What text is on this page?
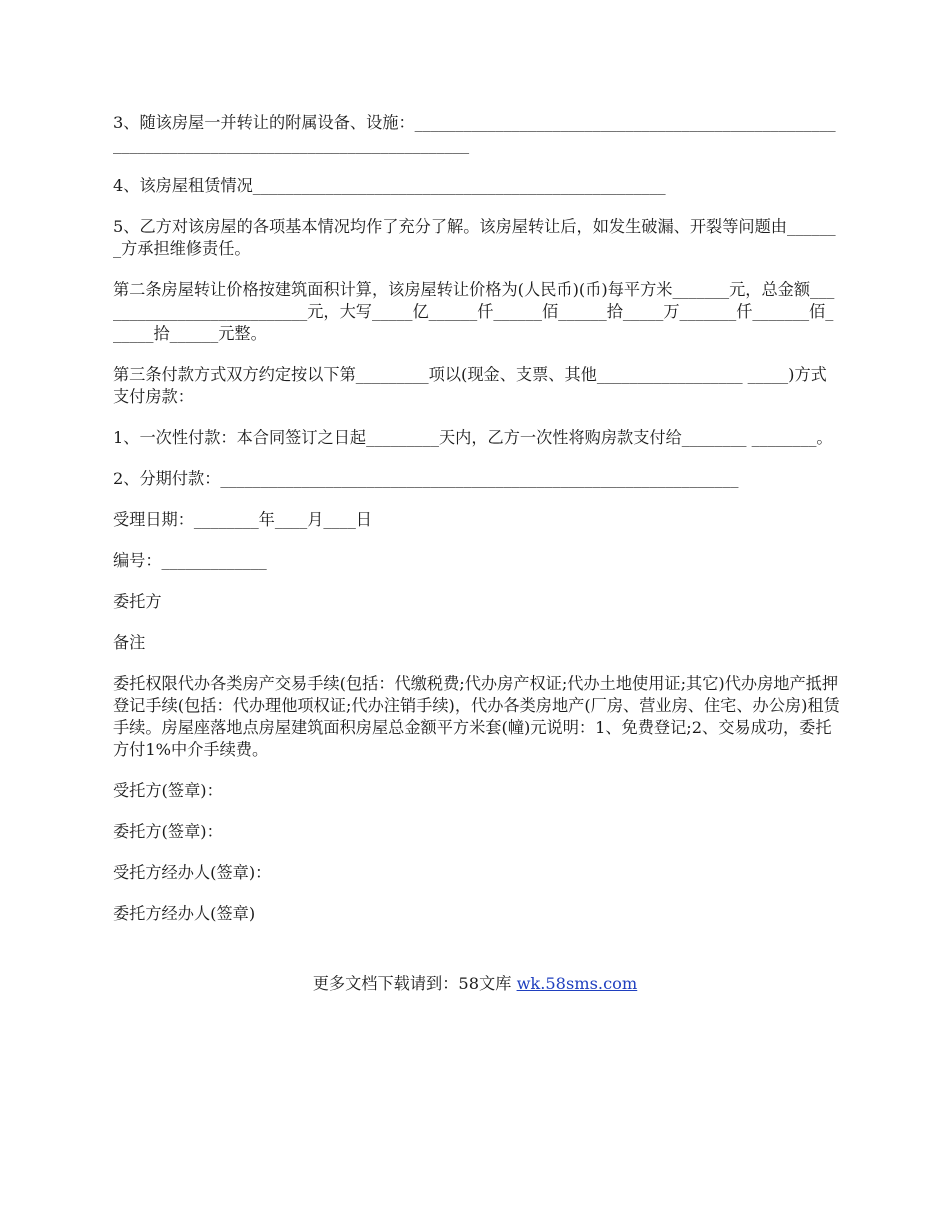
3、随该房屋一并转让的附属设备、设施：________________________________________________________________________________________________

4、该房屋租赁情况___________________________________________________

5、乙方对该房屋的各项基本情况均作了充分了解。该房屋转让后，如发生破漏、开裂等问题由_______方承担维修责任。

第二条房屋转让价格按建筑面积计算，该房屋转让价格为(人民币)(币)每平方米_______元，总金额___________________________元，大写_____亿______仟______佰______拾_____万_______仟_______佰______拾______元整。

第三条付款方式双方约定按以下第_________项以(现金、支票、其他__________________ _____)方式支付房款：

1、一次性付款：本合同签订之日起_________天内，乙方一次性将购房款支付给________ ________。

2、分期付款：________________________________________________________________

受理日期：________年____月____日

编号：_____________

委托方

备注

委托权限代办各类房产交易手续(包括：代缴税费;代办房产权证;代办土地使用证;其它)代办房地产抵押登记手续(包括：代办理他项权证;代办注销手续)，代办各类房地产(厂房、营业房、住宅、办公房)租赁手续。房屋座落地点房屋建筑面积房屋总金额平方米套(幢)元说明：1、免费登记;2、交易成功，委托方付1%中介手续费。

受托方(签章)：

委托方(签章)：

受托方经办人(签章)：

委托方经办人(签章)

更多文档下载请到：58文库 wk.58sms.com
